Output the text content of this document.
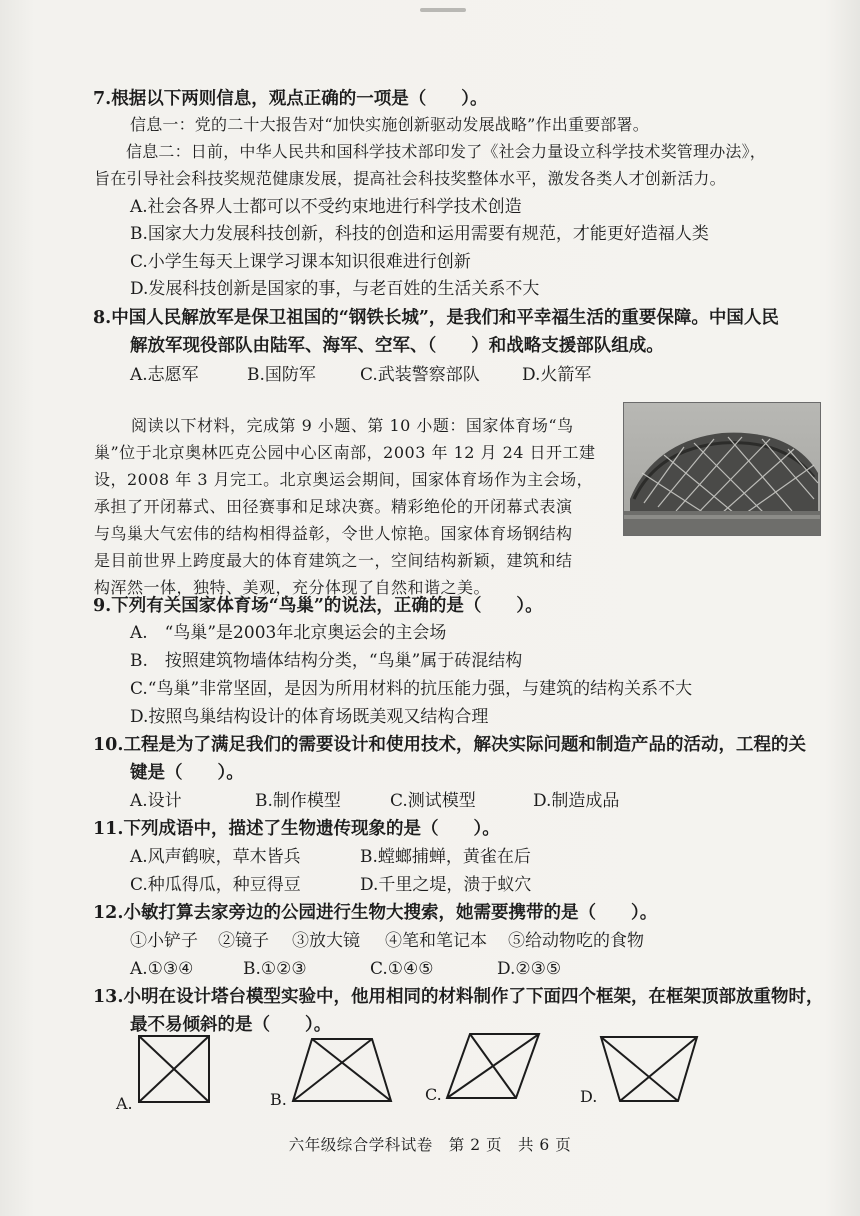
7.根据以下两则信息，观点正确的一项是（　　）。
信息一：党的二十大报告对“加快实施创新驱动发展战略”作出重要部署。
信息二：日前，中华人民共和国科学技术部印发了《社会力量设立科学技术奖管理办法》，
旨在引导社会科技奖规范健康发展，提高社会科技奖整体水平，激发各类人才创新活力。
A.社会各界人士都可以不受约束地进行科学技术创造
B.国家大力发展科技创新，科技的创造和运用需要有规范，才能更好造福人类
C.小学生每天上课学习课本知识很难进行创新
D.发展科技创新是国家的事，与老百姓的生活关系不大
8.中国人民解放军是保卫祖国的“钢铁长城”，是我们和平幸福生活的重要保障。中国人民
解放军现役部队由陆军、海军、空军、（　　）和战略支援部队组成。
A.志愿军	B.国防军	C.武装警察部队 D.火箭军
阅读以下材料，完成第 9 小题、第 10 小题：国家体育场“鸟
巢”位于北京奥林匹克公园中心区南部，2003 年 12 月 24 日开工建
设，2008 年 3 月完工。北京奥运会期间，国家体育场作为主会场，
承担了开闭幕式、田径赛事和足球决赛。精彩绝伦的开闭幕式表演
与鸟巢大气宏伟的结构相得益彰，令世人惊艳。国家体育场钢结构
是目前世界上跨度最大的体育建筑之一，空间结构新颖，建筑和结
构浑然一体，独特、美观，充分体现了自然和谐之美。
9.下列有关国家体育场“鸟巢”的说法，正确的是（　　）。
A.　“鸟巢”是2003年北京奥运会的主会场
B.　按照建筑物墙体结构分类，“鸟巢”属于砖混结构
C.“鸟巢”非常坚固，是因为所用材料的抗压能力强，与建筑的结构关系不大
D.按照鸟巢结构设计的体育场既美观又结构合理
10.工程是为了满足我们的需要设计和使用技术，解决实际问题和制造产品的活动，工程的关
键是（　　）。
A.设计	B.制作模型	C.测试模型	D.制造成品
11.下列成语中，描述了生物遗传现象的是（　　）。
A.风声鹤唳，草木皆兵	B.螳螂捕蝉，黄雀在后
C.种瓜得瓜，种豆得豆	D.千里之堤，溃于蚁穴
12.小敏打算去家旁边的公园进行生物大搜索，她需要携带的是（　　）。
①小铲子 ②镜子 ③放大镜 ④笔和笔记本 ⑤给动物吃的食物
A.①③④	B.①②③	C.①④⑤	D.②③⑤
13.小明在设计塔台模型实验中，他用相同的材料制作了下面四个框架，在框架顶部放重物时，
最不易倾斜的是（　　）。
A.	B.	C.	D.
六年级综合学科试卷　第 2 页　共 6 页
